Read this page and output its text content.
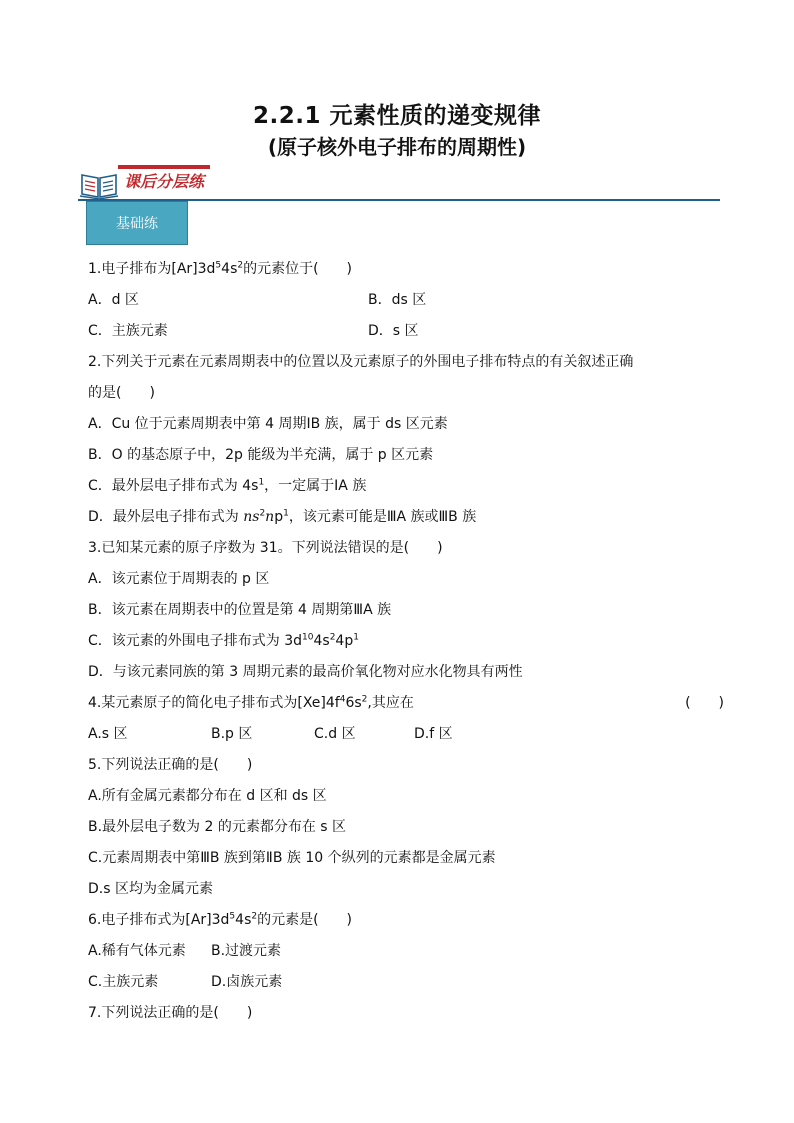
2.2.1 元素性质的递变规律
(原子核外电子排布的周期性)
课后分层练
基础练
1.电子排布为$[Ar]3d^54s^2$的元素位于(　　)
A．d 区	B．ds 区
C．主族元素	D．s 区
2.下列关于元素在元素周期表中的位置以及元素原子的外围电子排布特点的有关叙述正确
的是(　　)
A．Cu 位于元素周期表中第 4 周期ⅠB 族，属于 ds 区元素
B．O 的基态原子中，2p 能级为半充满，属于 p 区元素
C．最外层电子排布式为 $4s^1$，一定属于ⅠA 族
D．最外层电子排布式为 $ns^2np^1$，该元素可能是ⅢA 族或ⅢB 族
3.已知某元素的原子序数为 31。下列说法错误的是(　　)
A．该元素位于周期表的 p 区
B．该元素在周期表中的位置是第 4 周期第ⅢA 族
C．该元素的外围电子排布式为 $3d^{10}4s^24p^1$
D．与该元素同族的第 3 周期元素的最高价氧化物对应水化物具有两性
4.某元素原子的简化电子排布式为$[Xe]4f^46s^2$,其应在	(　　)
A.s 区	B.p 区	C.d 区	D.f 区
5.下列说法正确的是(　　)
A.所有金属元素都分布在 d 区和 ds 区
B.最外层电子数为 2 的元素都分布在 s 区
C.元素周期表中第ⅢB 族到第ⅡB 族 10 个纵列的元素都是金属元素
D.s 区均为金属元素
6.电子排布式为$[Ar]3d^54s^2$的元素是(　　)
A.稀有气体元素	B.过渡元素
C.主族元素	D.卤族元素
7.下列说法正确的是(　　)
